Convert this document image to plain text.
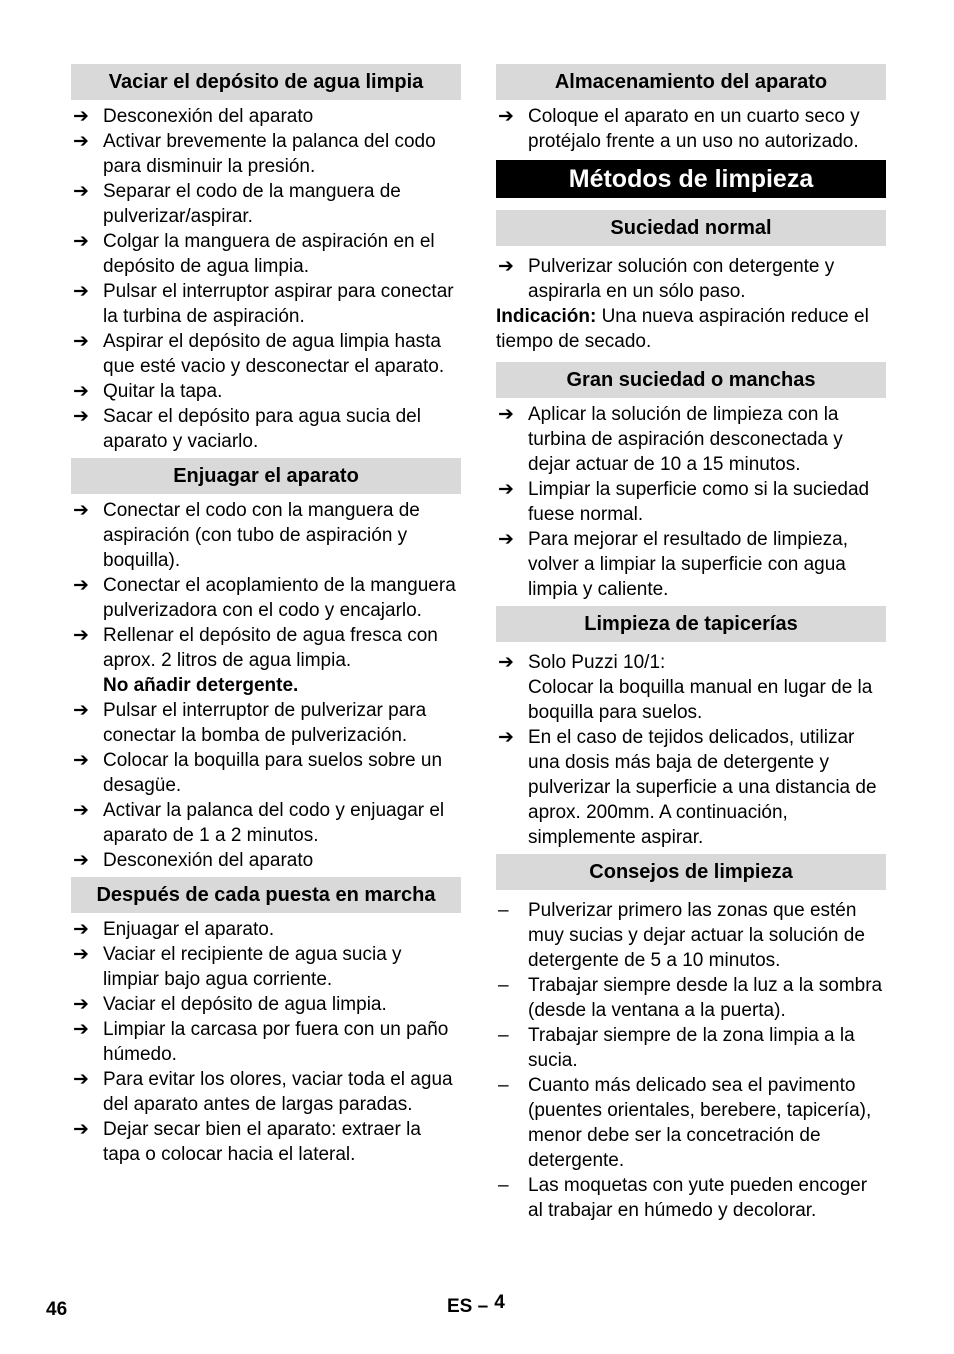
Vaciar el depósito de agua limpia
➔ Desconexión del aparato
➔ Activar brevemente la palanca del codo para disminuir la presión.
➔ Separar el codo de la manguera de pulverizar/aspirar.
➔ Colgar la manguera de aspiración en el depósito de agua limpia.
➔ Pulsar el interruptor aspirar para conectar la turbina de aspiración.
➔ Aspirar el depósito de agua limpia hasta que esté vacio y desconectar el aparato.
➔ Quitar la tapa.
➔ Sacar el depósito para agua sucia del aparato y vaciarlo.
Enjuagar el aparato
➔ Conectar el codo con la manguera de aspiración (con tubo de aspiración y boquilla).
➔ Conectar el acoplamiento de la manguera pulverizadora con el codo y encajarlo.
➔ Rellenar el depósito de agua fresca con aprox. 2 litros de agua limpia.
No añadir detergente.
➔ Pulsar el interruptor de pulverizar para conectar la bomba de pulverización.
➔ Colocar la boquilla para suelos sobre un desagüe.
➔ Activar la palanca del codo y enjuagar el aparato de 1 a 2 minutos.
➔ Desconexión del aparato
Después de cada puesta en marcha
➔ Enjuagar el aparato.
➔ Vaciar el recipiente de agua sucia y limpiar bajo agua corriente.
➔ Vaciar el depósito de agua limpia.
➔ Limpiar la carcasa por fuera con un paño húmedo.
➔ Para evitar los olores, vaciar toda el agua del aparato antes de largas paradas.
➔ Dejar secar bien el aparato: extraer la tapa o colocar hacia el lateral.
Almacenamiento del aparato
➔ Coloque el aparato en un cuarto seco y protéjalo frente a un uso no autorizado.
Métodos de limpieza
Suciedad normal
➔ Pulverizar solución con detergente y aspirarla en un sólo paso.
Indicación: Una nueva aspiración reduce el tiempo de secado.
Gran suciedad o manchas
➔ Aplicar la solución de limpieza con la turbina de aspiración desconectada y dejar actuar de 10 a 15 minutos.
➔ Limpiar la superficie como si la suciedad fuese normal.
➔ Para mejorar el resultado de limpieza, volver a limpiar la superficie con agua limpia y caliente.
Limpieza de tapicerías
➔ Solo Puzzi 10/1:
Colocar la boquilla manual en lugar de la boquilla para suelos.
➔ En el caso de tejidos delicados, utilizar una dosis más baja de detergente y pulverizar la superficie a una distancia de aprox. 200mm. A continuación, simplemente aspirar.
Consejos de limpieza
– Pulverizar primero las zonas que estén muy sucias y dejar actuar la solución de detergente de 5 a 10 minutos.
– Trabajar siempre desde la luz a la sombra (desde la ventana a la puerta).
– Trabajar siempre de la zona limpia a la sucia.
– Cuanto más delicado sea el pavimento (puentes orientales, berebere, tapicería), menor debe ser la concetración de detergente.
– Las moquetas con yute pueden encoger al trabajar en húmedo y decolorar.
46	ES – 4
